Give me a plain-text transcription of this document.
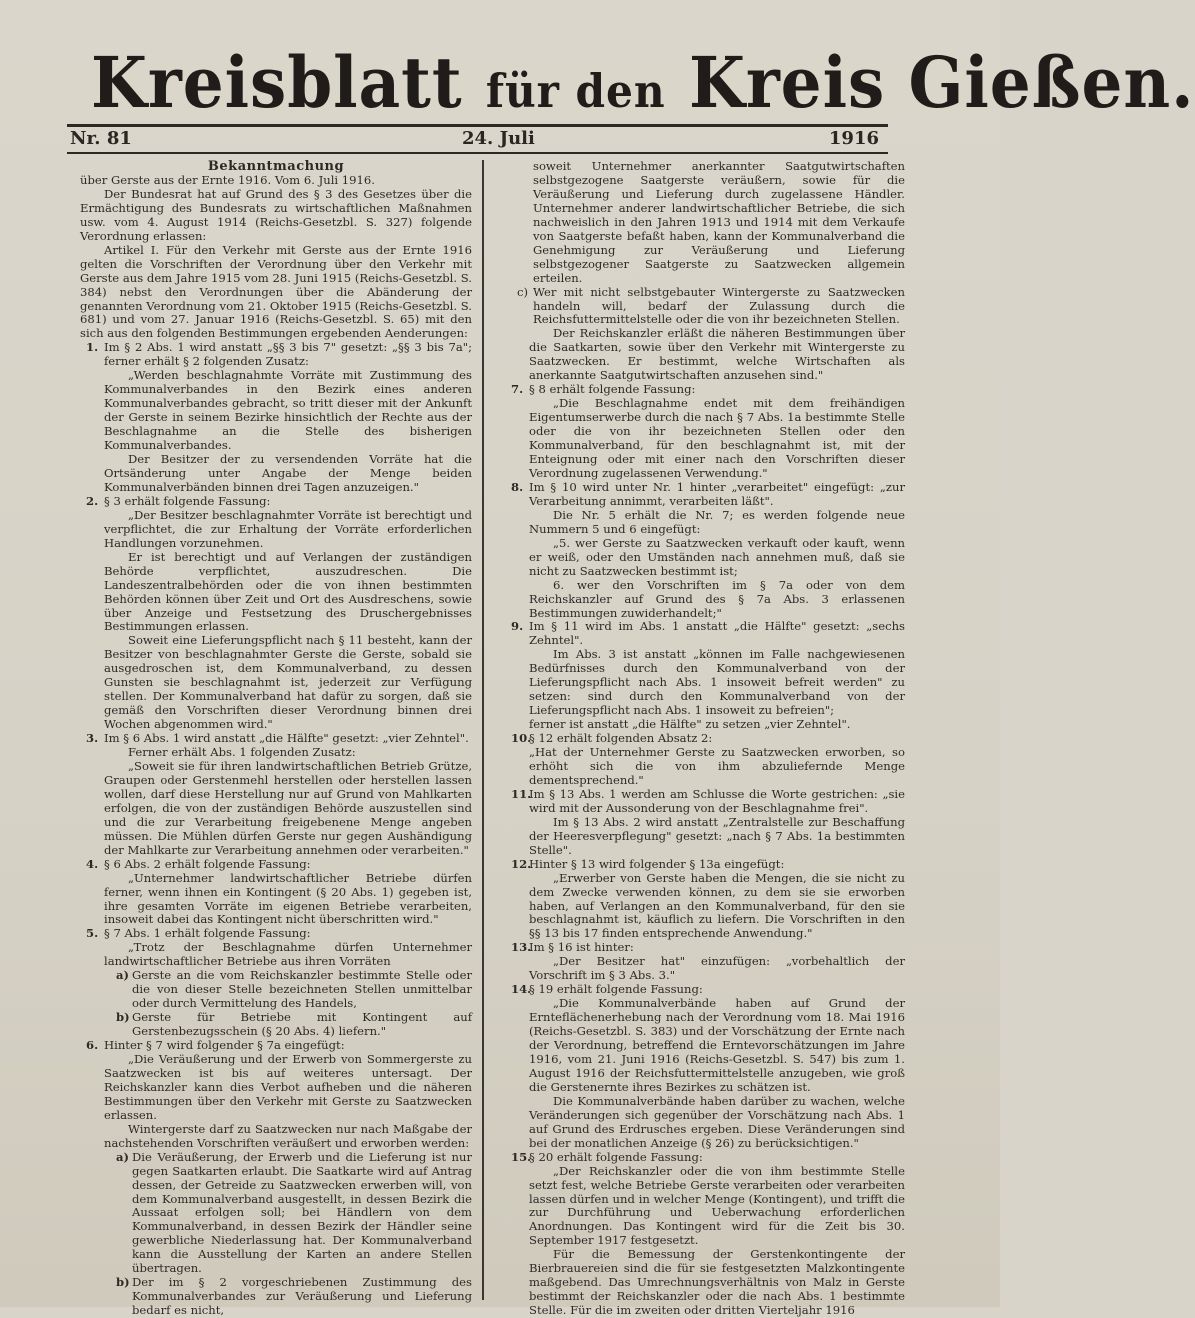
Kreisblatt für den Kreis Gießen.
Nr. 81	24. Juli	1916

Bekanntmachung

über Gerste aus der Ernte 1916. Vom 6. Juli 1916.

Der Bundesrat hat auf Grund des § 3 des Gesetzes über die Ermächtigung des Bundesrats zu wirtschaftlichen Maßnahmen usw. vom 4. August 1914 (Reichs-Gesetzbl. S. 327) folgende Verordnung erlassen:

Artikel I. Für den Verkehr mit Gerste aus der Ernte 1916 gelten die Vorschriften der Verordnung über den Verkehr mit Gerste aus dem Jahre 1915 vom 28. Juni 1915 (Reichs-Gesetzbl. S. 384) nebst den Verordnungen über die Abänderung der genannten Verordnung vom 21. Oktober 1915 (Reichs-Gesetzbl. S. 681) und vom 27. Januar 1916 (Reichs-Gesetzbl. S. 65) mit den sich aus den folgenden Bestimmungen ergebenden Aenderungen:

1. Im § 2 Abs. 1 wird anstatt „§§ 3 bis 7" gesetzt: „§§ 3 bis 7a"; ferner erhält § 2 folgenden Zusatz:

„Werden beschlagnahmte Vorräte mit Zustimmung des Kommunalverbandes in den Bezirk eines anderen Kommunalverbandes gebracht, so tritt dieser mit der Ankunft der Gerste in seinem Bezirke hinsichtlich der Rechte aus der Beschlagnahme an die Stelle des bisherigen Kommunalverbandes.

Der Besitzer der zu versendenden Vorräte hat die Ortsänderung unter Angabe der Menge beiden Kommunalverbänden binnen drei Tagen anzuzeigen."

2. § 3 erhält folgende Fassung:

„Der Besitzer beschlagnahmter Vorräte ist berechtigt und verpflichtet, die zur Erhaltung der Vorräte erforderlichen Handlungen vorzunehmen.

Er ist berechtigt und auf Verlangen der zuständigen Behörde verpflichtet, auszudreschen. Die Landeszentralbehörden oder die von ihnen bestimmten Behörden können über Zeit und Ort des Ausdreschens, sowie über Anzeige und Festsetzung des Druschergebnisses Bestimmungen erlassen.

Soweit eine Lieferungspflicht nach § 11 besteht, kann der Besitzer von beschlagnahmter Gerste die Gerste, sobald sie ausgedroschen ist, dem Kommunalverband, zu dessen Gunsten sie beschlagnahmt ist, jederzeit zur Verfügung stellen. Der Kommunalverband hat dafür zu sorgen, daß sie gemäß den Vorschriften dieser Verordnung binnen drei Wochen abgenommen wird."

3. Im § 6 Abs. 1 wird anstatt „die Hälfte" gesetzt: „vier Zehntel".

Ferner erhält Abs. 1 folgenden Zusatz:

„Soweit sie für ihren landwirtschaftlichen Betrieb Grütze, Graupen oder Gerstenmehl herstellen oder herstellen lassen wollen, darf diese Herstellung nur auf Grund von Mahlkarten erfolgen, die von der zuständigen Behörde auszustellen sind und die zur Verarbeitung freigebenene Menge angeben müssen. Die Mühlen dürfen Gerste nur gegen Aushändigung der Mahlkarte zur Verarbeitung annehmen oder verarbeiten."

4. § 6 Abs. 2 erhält folgende Fassung:

„Unternehmer landwirtschaftlicher Betriebe dürfen ferner, wenn ihnen ein Kontingent (§ 20 Abs. 1) gegeben ist, ihre gesamten Vorräte im eigenen Betriebe verarbeiten, insoweit dabei das Kontingent nicht überschritten wird."

5. § 7 Abs. 1 erhält folgende Fassung:

„Trotz der Beschlagnahme dürfen Unternehmer landwirtschaftlicher Betriebe aus ihren Vorräten

a) Gerste an die vom Reichskanzler bestimmte Stelle oder die von dieser Stelle bezeichneten Stellen unmittelbar oder durch Vermittelung des Handels,

b) Gerste für Betriebe mit Kontingent auf Gerstenbezugsschein (§ 20 Abs. 4) liefern."

6. Hinter § 7 wird folgender § 7a eingefügt:

„Die Veräußerung und der Erwerb von Sommergerste zu Saatzwecken ist bis auf weiteres untersagt. Der Reichskanzler kann dies Verbot aufheben und die näheren Bestimmungen über den Verkehr mit Gerste zu Saatzwecken erlassen.

Wintergerste darf zu Saatzwecken nur nach Maßgabe der nachstehenden Vorschriften veräußert und erworben werden:

a) Die Veräußerung, der Erwerb und die Lieferung ist nur gegen Saatkarten erlaubt. Die Saatkarte wird auf Antrag dessen, der Getreide zu Saatzwecken erwerben will, von dem Kommunalverband ausgestellt, in dessen Bezirk die Aussaat erfolgen soll; bei Händlern von dem Kommunalverband, in dessen Bezirk der Händler seine gewerbliche Niederlassung hat. Der Kommunalverband kann die Ausstellung der Karten an andere Stellen übertragen.

b) Der im § 2 vorgeschriebenen Zustimmung des Kommunalverbandes zur Veräußerung und Lieferung bedarf es nicht,

soweit Unternehmer anerkannter Saatgutwirtschaften selbstgezogene Saatgerste veräußern, sowie für die Veräußerung und Lieferung durch zugelassene Händler. Unternehmer anderer landwirtschaftlicher Betriebe, die sich nachweislich in den Jahren 1913 und 1914 mit dem Verkaufe von Saatgerste befaßt haben, kann der Kommunalverband die Genehmigung zur Veräußerung und Lieferung selbstgezogener Saatgerste zu Saatzwecken allgemein erteilen.

c) Wer mit nicht selbstgebauter Wintergerste zu Saatzwecken handeln will, bedarf der Zulassung durch die Reichsfuttermittelstelle oder die von ihr bezeichneten Stellen.

Der Reichskanzler erläßt die näheren Bestimmungen über die Saatkarten, sowie über den Verkehr mit Wintergerste zu Saatzwecken. Er bestimmt, welche Wirtschaften als anerkannte Saatgutwirtschaften anzusehen sind."

7. § 8 erhält folgende Fassung:

„Die Beschlagnahme endet mit dem freihändigen Eigentumserwerbe durch die nach § 7 Abs. 1a bestimmte Stelle oder die von ihr bezeichneten Stellen oder den Kommunalverband, für den beschlagnahmt ist, mit der Enteignung oder mit einer nach den Vorschriften dieser Verordnung zugelassenen Verwendung."

8. Im § 10 wird unter Nr. 1 hinter „verarbeitet" eingefügt: „zur Verarbeitung annimmt, verarbeiten läßt".

Die Nr. 5 erhält die Nr. 7; es werden folgende neue Nummern 5 und 6 eingefügt:

„5. wer Gerste zu Saatzwecken verkauft oder kauft, wenn er weiß, oder den Umständen nach annehmen muß, daß sie nicht zu Saatzwecken bestimmt ist;

6. wer den Vorschriften im § 7a oder von dem Reichskanzler auf Grund des § 7a Abs. 3 erlassenen Bestimmungen zuwiderhandelt;"

9. Im § 11 wird im Abs. 1 anstatt „die Hälfte" gesetzt: „sechs Zehntel".

Im Abs. 3 ist anstatt „können im Falle nachgewiesenen Bedürfnisses durch den Kommunalverband von der Lieferungspflicht nach Abs. 1 insoweit befreit werden" zu setzen: sind durch den Kommunalverband von der Lieferungspflicht nach Abs. 1 insoweit zu befreien";

ferner ist anstatt „die Hälfte" zu setzen „vier Zehntel".

10.

§ 12 erhält folgenden Absatz 2:

„Hat der Unternehmer Gerste zu Saatzwecken erworben, so erhöht sich die von ihm abzuliefernde Menge dementsprechend."

11.

Im § 13 Abs. 1 werden am Schlusse die Worte gestrichen: „sie wird mit der Aussonderung von der Beschlagnahme frei".

Im § 13 Abs. 2 wird anstatt „Zentralstelle zur Beschaffung der Heeresverpflegung" gesetzt: „nach § 7 Abs. 1a bestimmten Stelle".

12.

Hinter § 13 wird folgender § 13a eingefügt:

„Erwerber von Gerste haben die Mengen, die sie nicht zu dem Zwecke verwenden können, zu dem sie sie erworben haben, auf Verlangen an den Kommunalverband, für den sie beschlagnahmt ist, käuflich zu liefern. Die Vorschriften in den §§ 13 bis 17 finden entsprechende Anwendung."

13.

Im § 16 ist hinter:

„Der Besitzer hat" einzufügen: „vorbehaltlich der Vorschrift im § 3 Abs. 3."

14.

§ 19 erhält folgende Fassung:

„Die Kommunalverbände haben auf Grund der Ernteflächenerhebung nach der Verordnung vom 18. Mai 1916 (Reichs-Gesetzbl. S. 383) und der Vorschätzung der Ernte nach der Verordnung, betreffend die Erntevorschätzungen im Jahre 1916, vom 21. Juni 1916 (Reichs-Gesetzbl. S. 547) bis zum 1. August 1916 der Reichsfuttermittelstelle anzugeben, wie groß die Gerstenernte ihres Bezirkes zu schätzen ist.

Die Kommunalverbände haben darüber zu wachen, welche Veränderungen sich gegenüber der Vorschätzung nach Abs. 1 auf Grund des Erdrusches ergeben. Diese Veränderungen sind bei der monatlichen Anzeige (§ 26) zu berücksichtigen."

15.

§ 20 erhält folgende Fassung:

„Der Reichskanzler oder die von ihm bestimmte Stelle setzt fest, welche Betriebe Gerste verarbeiten oder verarbeiten lassen dürfen und in welcher Menge (Kontingent), und trifft die zur Durchführung und Ueberwachung erforderlichen Anordnungen. Das Kontingent wird für die Zeit bis 30. September 1917 festgesetzt.

Für die Bemessung der Gerstenkontingente der Bierbrauereien sind die für sie festgesetzten Malzkontingente maßgebend. Das Umrechnungsverhältnis von Malz in Gerste bestimmt der Reichskanzler oder die nach Abs. 1 bestimmte Stelle. Für die im zweiten oder dritten Vierteljahr 1916
